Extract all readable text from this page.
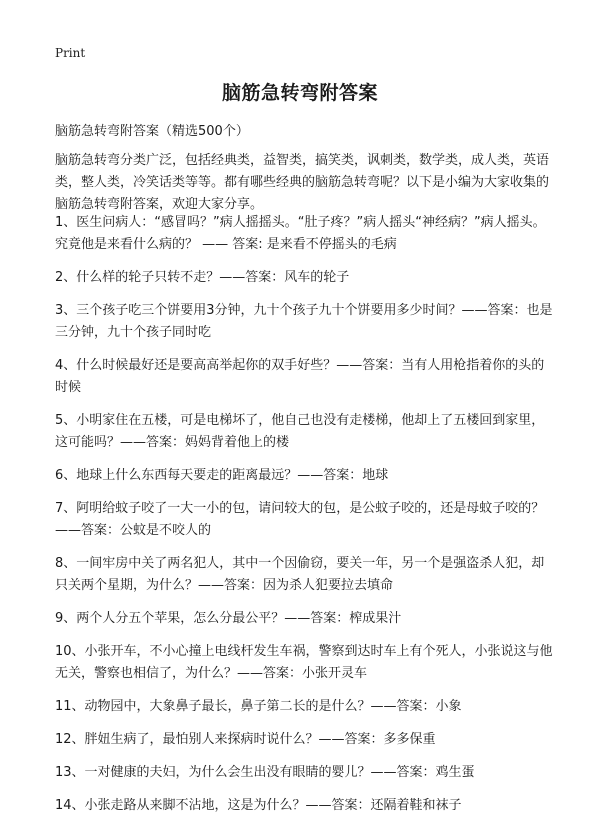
Print
脑筋急转弯附答案

脑筋急转弯附答案（精选500个）

脑筋急转弯分类广泛，包括经典类，益智类，搞笑类，讽刺类，数学类，成人类，英语类，整人类，冷笑话类等等。都有哪些经典的脑筋急转弯呢？以下是小编为大家收集的脑筋急转弯附答案，欢迎大家分享。

1、医生问病人：“感冒吗？”病人摇摇头。“肚子疼？”病人摇头“神经病？”病人摇头。究竟他是来看什么病的？ —— 答案: 是来看不停摇头的毛病
2、什么样的轮子只转不走？——答案：风车的轮子
3、三个孩子吃三个饼要用3分钟，九十个孩子九十个饼要用多少时间？——答案：也是三分钟，九十个孩子同时吃
4、什么时候最好还是要高高举起你的双手好些？——答案：当有人用枪指着你的头的时候
5、小明家住在五楼，可是电梯坏了，他自己也没有走楼梯，他却上了五楼回到家里，这可能吗？——答案：妈妈背着他上的楼
6、地球上什么东西每天要走的距离最远？——答案：地球
7、阿明给蚊子咬了一大一小的包，请问较大的包，是公蚊子咬的，还是母蚊子咬的？——答案：公蚊是不咬人的
8、一间牢房中关了两名犯人，其中一个因偷窃，要关一年，另一个是强盗杀人犯，却只关两个星期，为什么？——答案：因为杀人犯要拉去填命
9、两个人分五个苹果，怎么分最公平？——答案：榨成果汁
10、小张开车，不小心撞上电线杆发生车祸，警察到达时车上有个死人，小张说这与他无关，警察也相信了，为什么？——答案：小张开灵车
11、动物园中，大象鼻子最长，鼻子第二长的是什么？——答案：小象
12、胖妞生病了，最怕别人来探病时说什么？——答案：多多保重
13、一对健康的夫妇，为什么会生出没有眼睛的婴儿？——答案：鸡生蛋
14、小张走路从来脚不沾地，这是为什么？——答案：还隔着鞋和袜子
